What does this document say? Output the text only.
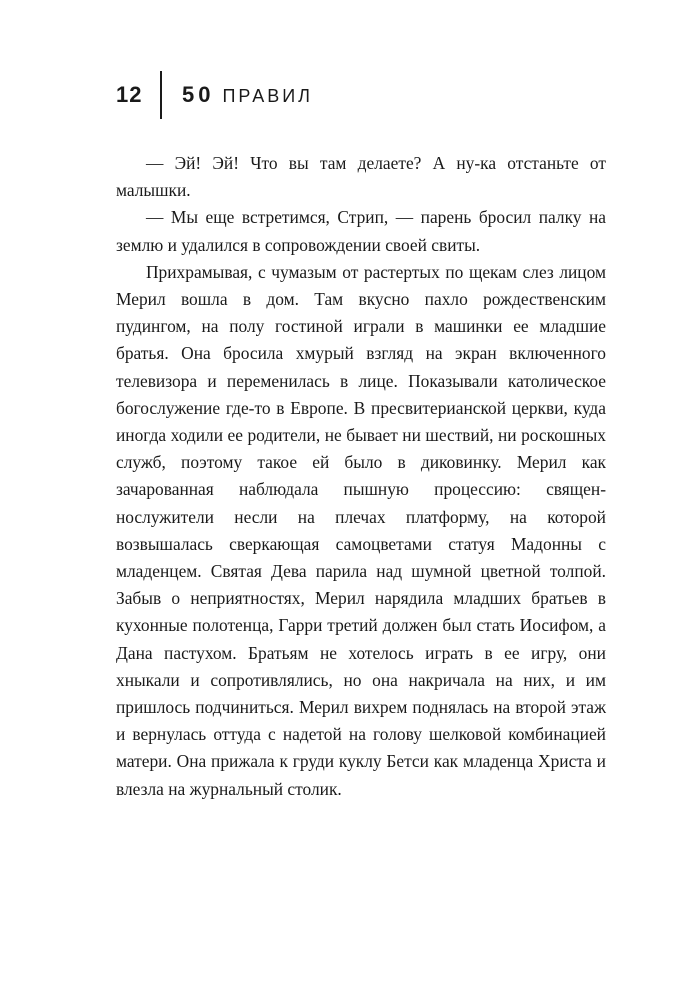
12	50 ПРАВИЛ

— Эй! Эй! Что вы там делаете? А ну-ка отстаньте от малышки.

— Мы еще встретимся, Стрип, — парень бросил палку на землю и удалился в сопровождении своей свиты.

Прихрамывая, с чумазым от растертых по щекам слез лицом Мерил вошла в дом. Там вкусно пахло рождественским пудингом, на полу гостиной играли в машинки ее младшие братья. Она бросила хмурый взгляд на экран включенного телевизора и переменилась в лице. Показывали католическое богослужение где-то в Европе. В пресвитерианской церкви, куда иногда ходили ее родители, не бывает ни шествий, ни роскошных служб, поэтому такое ей было в диковинку. Мерил как зачарованная наблюдала пышную процессию: священнослужители несли на плечах платформу, на которой возвышалась сверкающая самоцветами статуя Мадонны с младенцем. Святая Дева парила над шумной цветной толпой. Забыв о неприятностях, Мерил нарядила младших братьев в кухонные полотенца, Гарри третий должен был стать Иосифом, а Дана пастухом. Братьям не хотелось играть в ее игру, они хныкали и сопротивлялись, но она накричала на них, и им пришлось подчиниться. Мерил вихрем поднялась на второй этаж и вернулась оттуда с надетой на голову шелковой комбинацией матери. Она прижала к груди куклу Бетси как младенца Христа и влезла на журнальный столик.
